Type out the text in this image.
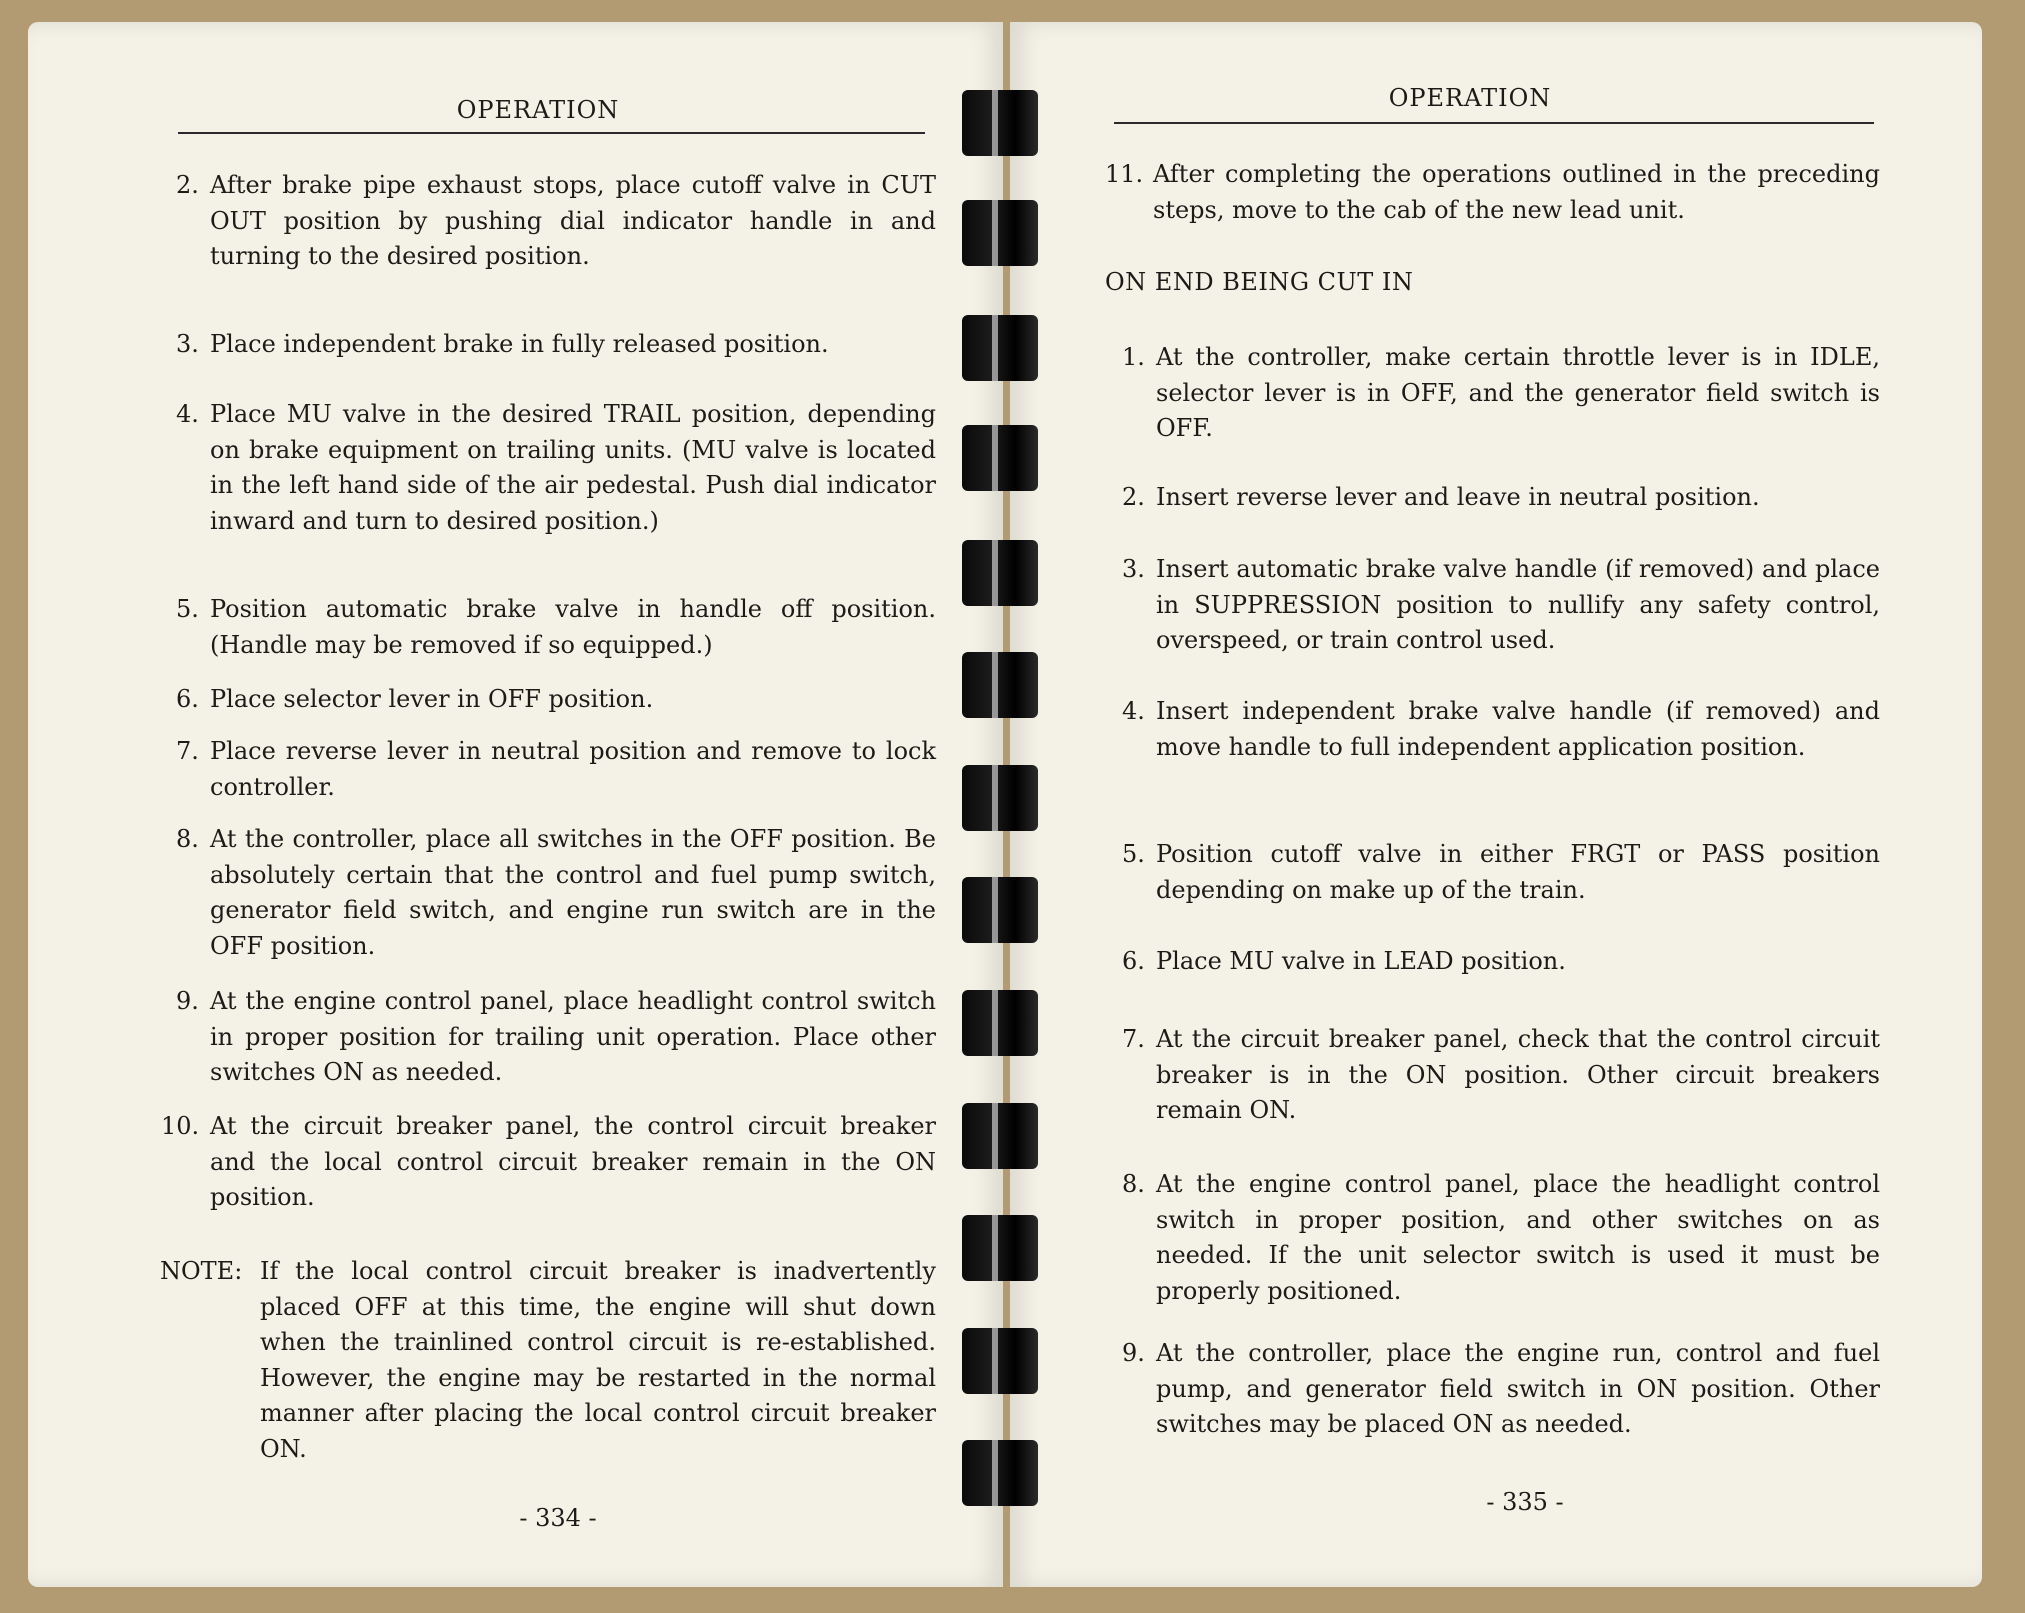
OPERATION
2. After brake pipe exhaust stops, place cutoff valve in CUT OUT position by pushing dial indicator handle in and turning to the desired position.
3. Place independent brake in fully released position.
4. Place MU valve in the desired TRAIL position, depending on brake equipment on trailing units. (MU valve is located in the left hand side of the air pedestal. Push dial indicator inward and turn to desired position.)
5. Position automatic brake valve in handle off position. (Handle may be removed if so equipped.)
6. Place selector lever in OFF position.
7. Place reverse lever in neutral position and remove to lock controller.
8. At the controller, place all switches in the OFF position. Be absolutely certain that the control and fuel pump switch, generator field switch, and engine run switch are in the OFF position.
9. At the engine control panel, place headlight control switch in proper position for trailing unit operation. Place other switches ON as needed.
10. At the circuit breaker panel, the control circuit breaker and the local control circuit breaker remain in the ON position.
NOTE: If the local control circuit breaker is inadvertently placed OFF at this time, the engine will shut down when the trainlined control circuit is re-established. However, the engine may be restarted in the normal manner after placing the local control circuit breaker ON.
- 334 -
OPERATION
11. After completing the operations outlined in the preceding steps, move to the cab of the new lead unit.
ON END BEING CUT IN
1. At the controller, make certain throttle lever is in IDLE, selector lever is in OFF, and the generator field switch is OFF.
2. Insert reverse lever and leave in neutral position.
3. Insert automatic brake valve handle (if removed) and place in SUPPRESSION position to nullify any safety control, overspeed, or train control used.
4. Insert independent brake valve handle (if removed) and move handle to full independent application position.
5. Position cutoff valve in either FRGT or PASS position depending on make up of the train.
6. Place MU valve in LEAD position.
7. At the circuit breaker panel, check that the control circuit breaker is in the ON position. Other circuit breakers remain ON.
8. At the engine control panel, place the headlight control switch in proper position, and other switches on as needed. If the unit selector switch is used it must be properly positioned.
9. At the controller, place the engine run, control and fuel pump, and generator field switch in ON position. Other switches may be placed ON as needed.
- 335 -
